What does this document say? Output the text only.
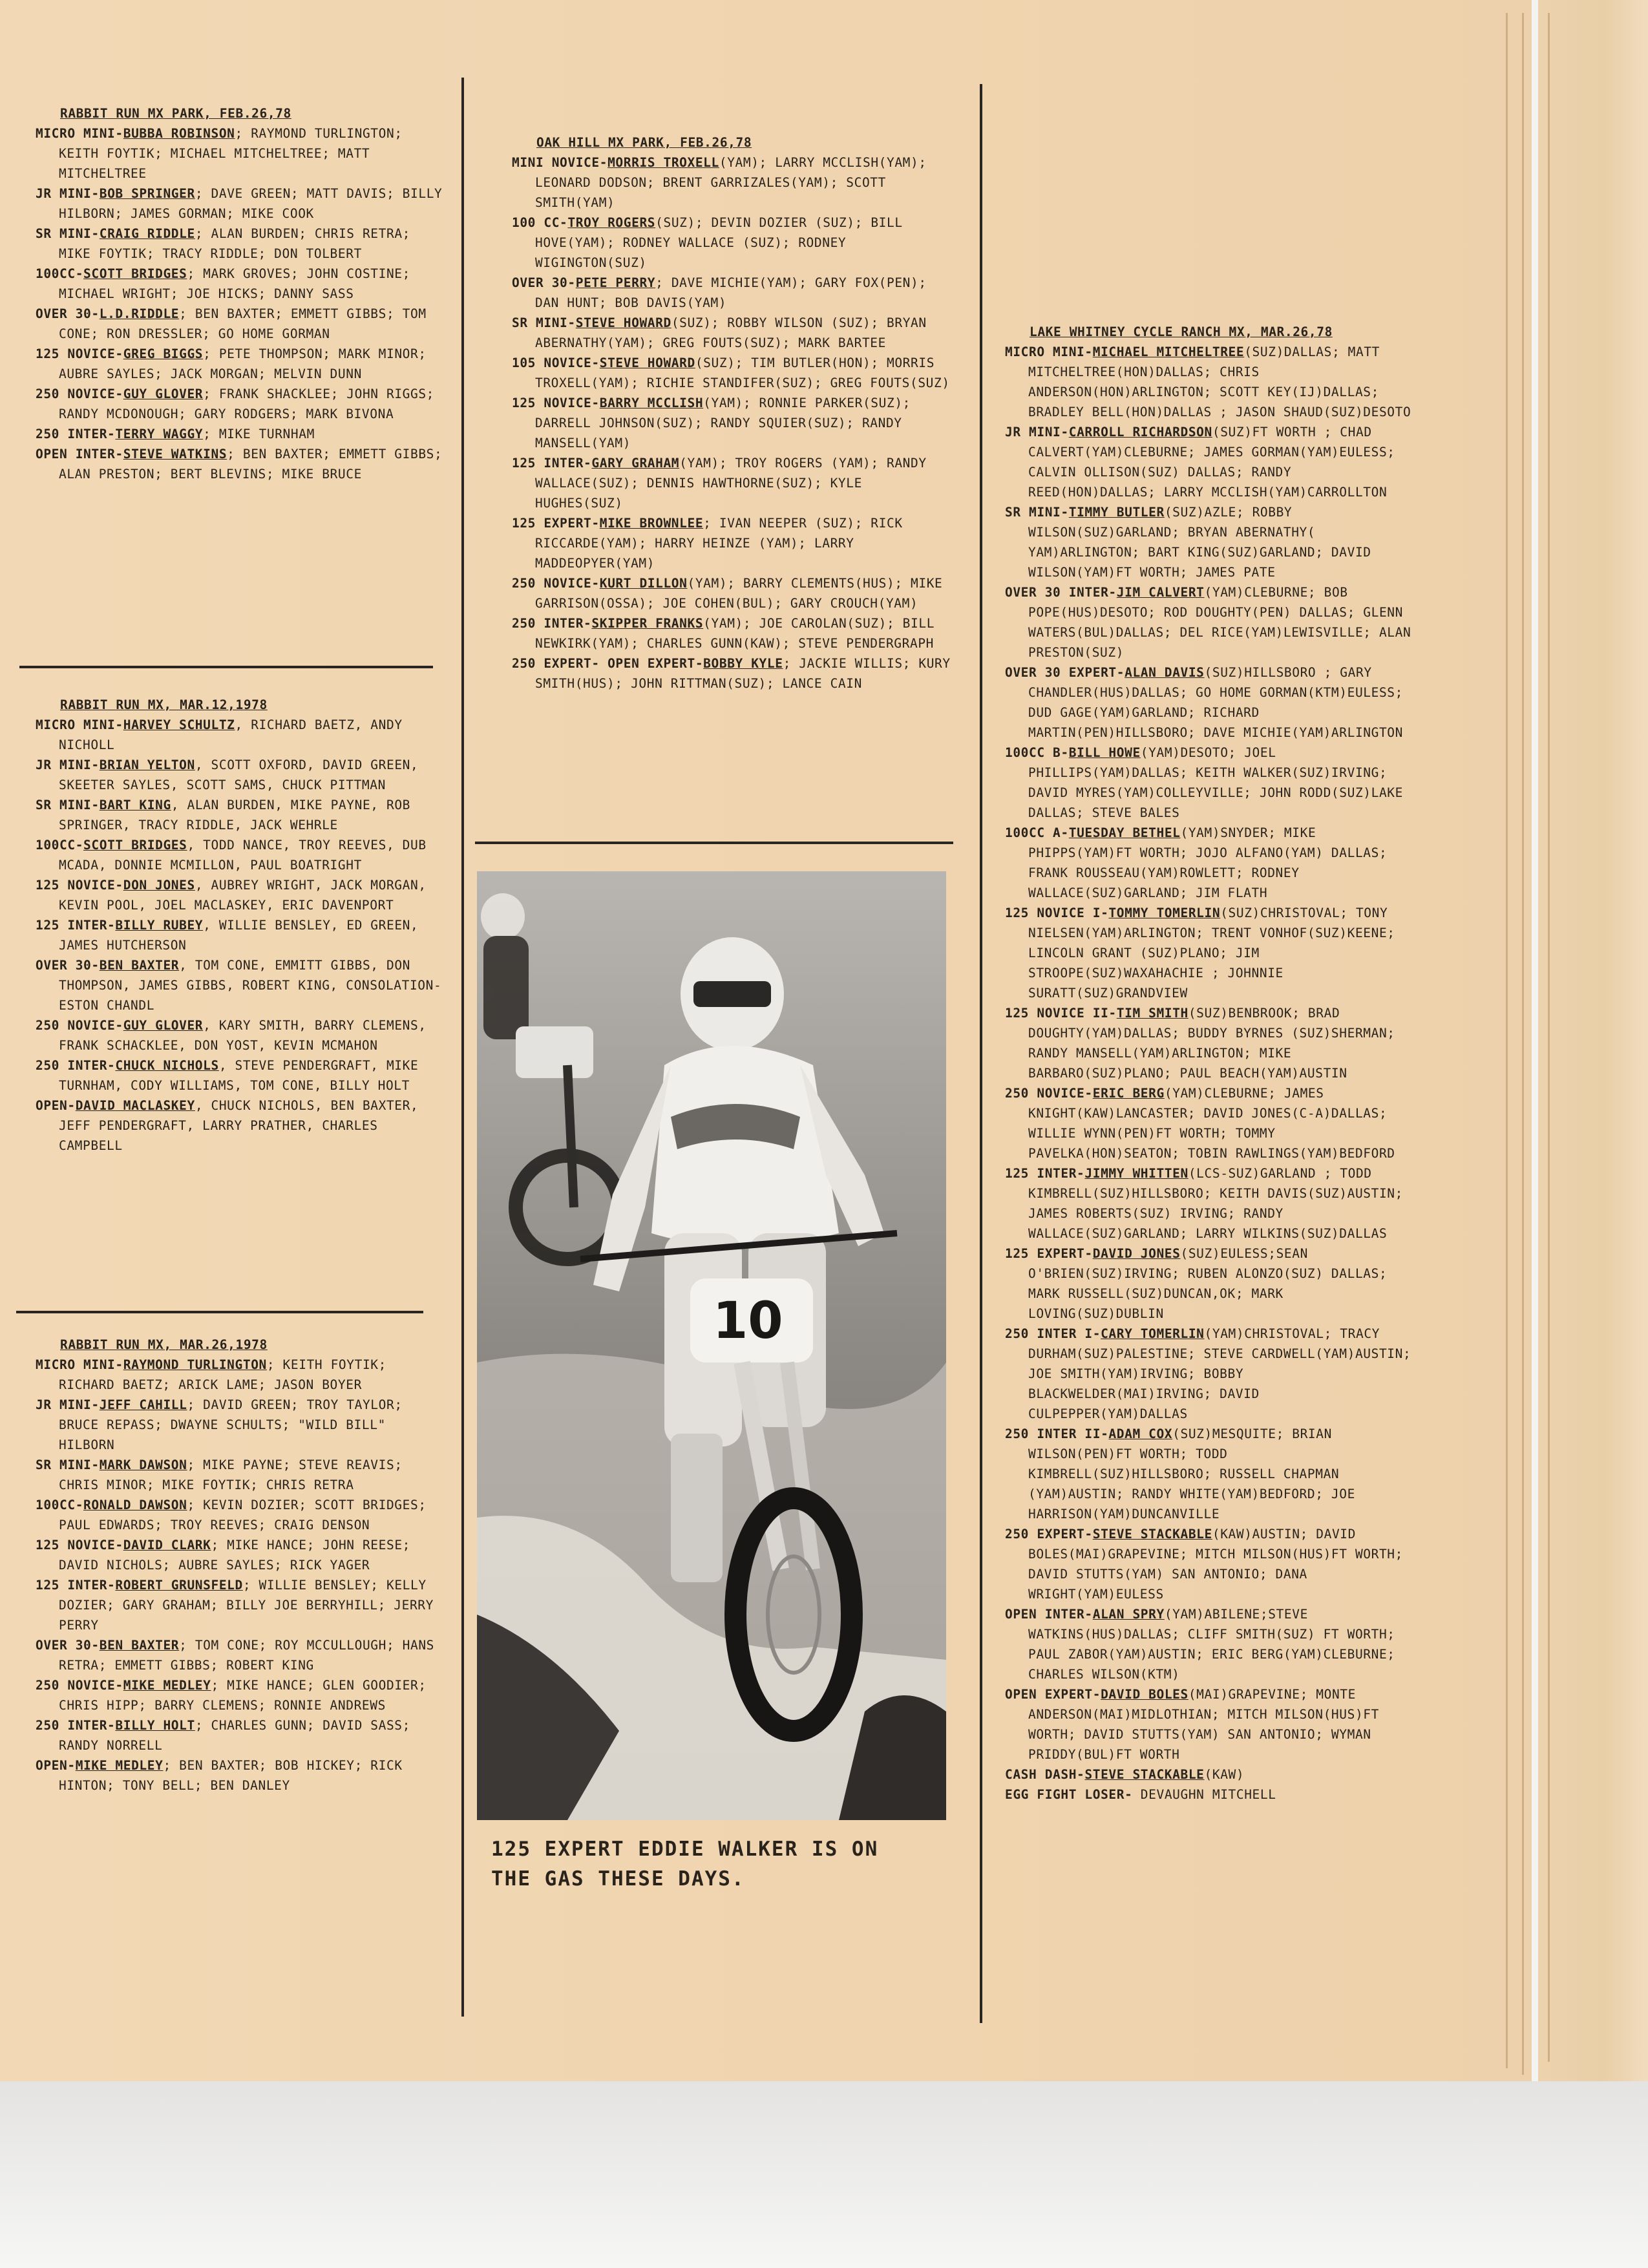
RABBIT RUN MX PARK, FEB.26,78

MICRO MINI-BUBBA ROBINSON; RAYMOND TURLINGTON; KEITH FOYTIK; MICHAEL MITCHELTREE; MATT MITCHELTREE

JR MINI-BOB SPRINGER; DAVE GREEN; MATT DAVIS; BILLY HILBORN; JAMES GORMAN; MIKE COOK

SR MINI-CRAIG RIDDLE; ALAN BURDEN; CHRIS RETRA; MIKE FOYTIK; TRACY RIDDLE; DON TOLBERT

100CC-SCOTT BRIDGES; MARK GROVES; JOHN COSTINE; MICHAEL WRIGHT; JOE HICKS; DANNY SASS

OVER 30-L.D.RIDDLE; BEN BAXTER; EMMETT GIBBS; TOM CONE; RON DRESSLER; GO HOME GORMAN

125 NOVICE-GREG BIGGS; PETE THOMPSON; MARK MINOR; AUBRE SAYLES; JACK MORGAN; MELVIN DUNN

250 NOVICE-GUY GLOVER; FRANK SHACKLEE; JOHN RIGGS; RANDY MCDONOUGH; GARY RODGERS; MARK BIVONA

250 INTER-TERRY WAGGY; MIKE TURNHAM

OPEN INTER-STEVE WATKINS; BEN BAXTER; EMMETT GIBBS; ALAN PRESTON; BERT BLEVINS; MIKE BRUCE

RABBIT RUN MX, MAR.12,1978

MICRO MINI-HARVEY SCHULTZ, RICHARD BAETZ, ANDY NICHOLL

JR MINI-BRIAN YELTON, SCOTT OXFORD, DAVID GREEN, SKEETER SAYLES, SCOTT SAMS, CHUCK PITTMAN

SR MINI-BART KING, ALAN BURDEN, MIKE PAYNE, ROB SPRINGER, TRACY RIDDLE, JACK WEHRLE

100CC-SCOTT BRIDGES, TODD NANCE, TROY REEVES, DUB MCADA, DONNIE MCMILLON, PAUL BOATRIGHT

125 NOVICE-DON JONES, AUBREY WRIGHT, JACK MORGAN, KEVIN POOL, JOEL MACLASKEY, ERIC DAVENPORT

125 INTER-BILLY RUBEY, WILLIE BENSLEY, ED GREEN, JAMES HUTCHERSON

OVER 30-BEN BAXTER, TOM CONE, EMMITT GIBBS, DON THOMPSON, JAMES GIBBS, ROBERT KING, CONSOLATION- ESTON CHANDL

250 NOVICE-GUY GLOVER, KARY SMITH, BARRY CLEMENS, FRANK SCHACKLEE, DON YOST, KEVIN MCMAHON

250 INTER-CHUCK NICHOLS, STEVE PENDERGRAFT, MIKE TURNHAM, CODY WILLIAMS, TOM CONE, BILLY HOLT

OPEN-DAVID MACLASKEY, CHUCK NICHOLS, BEN BAXTER, JEFF PENDERGRAFT, LARRY PRATHER, CHARLES CAMPBELL

RABBIT RUN MX, MAR.26,1978

MICRO MINI-RAYMOND TURLINGTON; KEITH FOYTIK; RICHARD BAETZ; ARICK LAME; JASON BOYER

JR MINI-JEFF CAHILL; DAVID GREEN; TROY TAYLOR; BRUCE REPASS; DWAYNE SCHULTS; "WILD BILL" HILBORN

SR MINI-MARK DAWSON; MIKE PAYNE; STEVE REAVIS; CHRIS MINOR; MIKE FOYTIK; CHRIS RETRA

100CC-RONALD DAWSON; KEVIN DOZIER; SCOTT BRIDGES; PAUL EDWARDS; TROY REEVES; CRAIG DENSON

125 NOVICE-DAVID CLARK; MIKE HANCE; JOHN REESE; DAVID NICHOLS; AUBRE SAYLES; RICK YAGER

125 INTER-ROBERT GRUNSFELD; WILLIE BENSLEY; KELLY DOZIER; GARY GRAHAM; BILLY JOE BERRYHILL; JERRY PERRY

OVER 30-BEN BAXTER; TOM CONE; ROY MCCULLOUGH; HANS RETRA; EMMETT GIBBS; ROBERT KING

250 NOVICE-MIKE MEDLEY; MIKE HANCE; GLEN GOODIER; CHRIS HIPP; BARRY CLEMENS; RONNIE ANDREWS

250 INTER-BILLY HOLT; CHARLES GUNN; DAVID SASS; RANDY NORRELL

OPEN-MIKE MEDLEY; BEN BAXTER; BOB HICKEY; RICK HINTON; TONY BELL; BEN DANLEY

OAK HILL MX PARK, FEB.26,78

MINI NOVICE-MORRIS TROXELL(YAM); LARRY MCCLISH(YAM); LEONARD DODSON; BRENT GARRIZALES(YAM); SCOTT SMITH(YAM)

100 CC-TROY ROGERS(SUZ); DEVIN DOZIER (SUZ); BILL HOVE(YAM); RODNEY WALLACE (SUZ); RODNEY WIGINGTON(SUZ)

OVER 30-PETE PERRY; DAVE MICHIE(YAM); GARY FOX(PEN); DAN HUNT; BOB DAVIS(YAM)

SR MINI-STEVE HOWARD(SUZ); ROBBY WILSON (SUZ); BRYAN ABERNATHY(YAM); GREG FOUTS(SUZ); MARK BARTEE

105 NOVICE-STEVE HOWARD(SUZ); TIM BUTLER(HON); MORRIS TROXELL(YAM); RICHIE STANDIFER(SUZ); GREG FOUTS(SUZ)

125 NOVICE-BARRY MCCLISH(YAM); RONNIE PARKER(SUZ); DARRELL JOHNSON(SUZ); RANDY SQUIER(SUZ); RANDY MANSELL(YAM)

125 INTER-GARY GRAHAM(YAM); TROY ROGERS (YAM); RANDY WALLACE(SUZ); DENNIS HAWTHORNE(SUZ); KYLE HUGHES(SUZ)

125 EXPERT-MIKE BROWNLEE; IVAN NEEPER (SUZ); RICK RICCARDE(YAM); HARRY HEINZE (YAM); LARRY MADDEOPYER(YAM)

250 NOVICE-KURT DILLON(YAM); BARRY CLEMENTS(HUS); MIKE GARRISON(OSSA); JOE COHEN(BUL); GARY CROUCH(YAM)

250 INTER-SKIPPER FRANKS(YAM); JOE CAROLAN(SUZ); BILL NEWKIRK(YAM); CHARLES GUNN(KAW); STEVE PENDERGRAPH

250 EXPERT- OPEN EXPERT-BOBBY KYLE; JACKIE WILLIS; KURY SMITH(HUS); JOHN RITTMAN(SUZ); LANCE CAIN

10
125 EXPERT EDDIE WALKER IS ON THE GAS THESE DAYS.

LAKE WHITNEY CYCLE RANCH MX, MAR.26,78

MICRO MINI-MICHAEL MITCHELTREE(SUZ)DALLAS; MATT MITCHELTREE(HON)DALLAS; CHRIS ANDERSON(HON)ARLINGTON; SCOTT KEY(IJ)DALLAS; BRADLEY BELL(HON)DALLAS ; JASON SHAUD(SUZ)DESOTO

JR MINI-CARROLL RICHARDSON(SUZ)FT WORTH ; CHAD CALVERT(YAM)CLEBURNE; JAMES GORMAN(YAM)EULESS; CALVIN OLLISON(SUZ) DALLAS; RANDY REED(HON)DALLAS; LARRY MCCLISH(YAM)CARROLLTON

SR MINI-TIMMY BUTLER(SUZ)AZLE; ROBBY WILSON(SUZ)GARLAND; BRYAN ABERNATHY( YAM)ARLINGTON; BART KING(SUZ)GARLAND; DAVID WILSON(YAM)FT WORTH; JAMES PATE

OVER 30 INTER-JIM CALVERT(YAM)CLEBURNE; BOB POPE(HUS)DESOTO; ROD DOUGHTY(PEN) DALLAS; GLENN WATERS(BUL)DALLAS; DEL RICE(YAM)LEWISVILLE; ALAN PRESTON(SUZ)

OVER 30 EXPERT-ALAN DAVIS(SUZ)HILLSBORO ; GARY CHANDLER(HUS)DALLAS; GO HOME GORMAN(KTM)EULESS; DUD GAGE(YAM)GARLAND; RICHARD MARTIN(PEN)HILLSBORO; DAVE MICHIE(YAM)ARLINGTON

100CC B-BILL HOWE(YAM)DESOTO; JOEL PHILLIPS(YAM)DALLAS; KEITH WALKER(SUZ)IRVING; DAVID MYRES(YAM)COLLEYVILLE; JOHN RODD(SUZ)LAKE DALLAS; STEVE BALES

100CC A-TUESDAY BETHEL(YAM)SNYDER; MIKE PHIPPS(YAM)FT WORTH; JOJO ALFANO(YAM) DALLAS; FRANK ROUSSEAU(YAM)ROWLETT; RODNEY WALLACE(SUZ)GARLAND; JIM FLATH

125 NOVICE I-TOMMY TOMERLIN(SUZ)CHRISTOVAL; TONY NIELSEN(YAM)ARLINGTON; TRENT VONHOF(SUZ)KEENE; LINCOLN GRANT (SUZ)PLANO; JIM STROOPE(SUZ)WAXAHACHIE ; JOHNNIE SURATT(SUZ)GRANDVIEW

125 NOVICE II-TIM SMITH(SUZ)BENBROOK; BRAD DOUGHTY(YAM)DALLAS; BUDDY BYRNES (SUZ)SHERMAN; RANDY MANSELL(YAM)ARLINGTON; MIKE BARBARO(SUZ)PLANO; PAUL BEACH(YAM)AUSTIN

250 NOVICE-ERIC BERG(YAM)CLEBURNE; JAMES KNIGHT(KAW)LANCASTER; DAVID JONES(C-A)DALLAS; WILLIE WYNN(PEN)FT WORTH; TOMMY PAVELKA(HON)SEATON; TOBIN RAWLINGS(YAM)BEDFORD

125 INTER-JIMMY WHITTEN(LCS-SUZ)GARLAND ; TODD KIMBRELL(SUZ)HILLSBORO; KEITH DAVIS(SUZ)AUSTIN; JAMES ROBERTS(SUZ) IRVING; RANDY WALLACE(SUZ)GARLAND; LARRY WILKINS(SUZ)DALLAS

125 EXPERT-DAVID JONES(SUZ)EULESS;SEAN O'BRIEN(SUZ)IRVING; RUBEN ALONZO(SUZ) DALLAS; MARK RUSSELL(SUZ)DUNCAN,OK; MARK LOVING(SUZ)DUBLIN

250 INTER I-CARY TOMERLIN(YAM)CHRISTOVAL; TRACY DURHAM(SUZ)PALESTINE; STEVE CARDWELL(YAM)AUSTIN; JOE SMITH(YAM)IRVING; BOBBY BLACKWELDER(MAI)IRVING; DAVID CULPEPPER(YAM)DALLAS

250 INTER II-ADAM COX(SUZ)MESQUITE; BRIAN WILSON(PEN)FT WORTH; TODD KIMBRELL(SUZ)HILLSBORO; RUSSELL CHAPMAN (YAM)AUSTIN; RANDY WHITE(YAM)BEDFORD; JOE HARRISON(YAM)DUNCANVILLE

250 EXPERT-STEVE STACKABLE(KAW)AUSTIN; DAVID BOLES(MAI)GRAPEVINE; MITCH MILSON(HUS)FT WORTH; DAVID STUTTS(YAM) SAN ANTONIO; DANA WRIGHT(YAM)EULESS

OPEN INTER-ALAN SPRY(YAM)ABILENE;STEVE WATKINS(HUS)DALLAS; CLIFF SMITH(SUZ) FT WORTH; PAUL ZABOR(YAM)AUSTIN; ERIC BERG(YAM)CLEBURNE; CHARLES WILSON(KTM)

OPEN EXPERT-DAVID BOLES(MAI)GRAPEVINE; MONTE ANDERSON(MAI)MIDLOTHIAN; MITCH MILSON(HUS)FT WORTH; DAVID STUTTS(YAM) SAN ANTONIO; WYMAN PRIDDY(BUL)FT WORTH

CASH DASH-STEVE STACKABLE(KAW)

EGG FIGHT LOSER- DEVAUGHN MITCHELL
